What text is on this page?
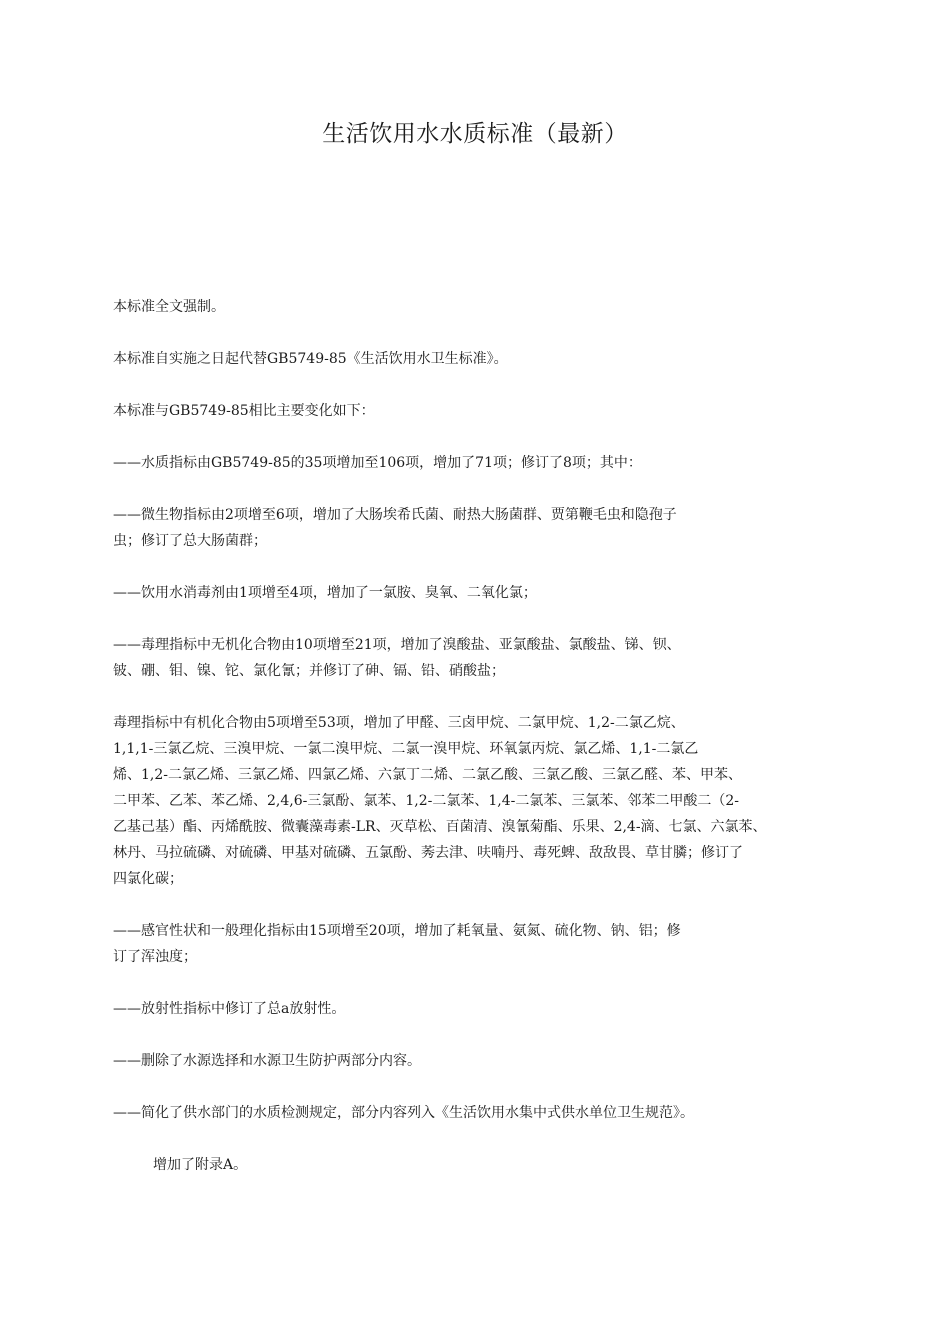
生活饮用水水质标准（最新）

本标准全文强制。

本标准自实施之日起代替GB5749-85《生活饮用水卫生标准》。

本标准与GB5749-85相比主要变化如下：

——水质指标由GB5749-85的35项增加至106项，增加了71项；修订了8项；其中：

——微生物指标由2项增至6项，增加了大肠埃希氏菌、耐热大肠菌群、贾第鞭毛虫和隐孢子
虫；修订了总大肠菌群；

——饮用水消毒剂由1项增至4项，增加了一氯胺、臭氧、二氧化氯；

——毒理指标中无机化合物由10项增至21项，增加了溴酸盐、亚氯酸盐、氯酸盐、锑、钡、
铍、硼、钼、镍、铊、氯化氰；并修订了砷、镉、铅、硝酸盐；

毒理指标中有机化合物由5项增至53项，增加了甲醛、三卤甲烷、二氯甲烷、1,2-二氯乙烷、
1,1,1-三氯乙烷、三溴甲烷、一氯二溴甲烷、二氯一溴甲烷、环氧氯丙烷、氯乙烯、1,1-二氯乙
烯、1,2-二氯乙烯、三氯乙烯、四氯乙烯、六氯丁二烯、二氯乙酸、三氯乙酸、三氯乙醛、苯、甲苯、
二甲苯、乙苯、苯乙烯、2,4,6-三氯酚、氯苯、1,2-二氯苯、1,4-二氯苯、三氯苯、邻苯二甲酸二（2-
乙基己基）酯、丙烯酰胺、微囊藻毒素-LR、灭草松、百菌清、溴氰菊酯、乐果、2,4-滴、七氯、六氯苯、
林丹、马拉硫磷、对硫磷、甲基对硫磷、五氯酚、莠去津、呋喃丹、毒死蜱、敌敌畏、草甘膦；修订了
四氯化碳；

——感官性状和一般理化指标由15项增至20项，增加了耗氧量、氨氮、硫化物、钠、铝；修
订了浑浊度；

——放射性指标中修订了总a放射性。

——删除了水源选择和水源卫生防护两部分内容。

——简化了供水部门的水质检测规定，部分内容列入《生活饮用水集中式供水单位卫生规范》。

增加了附录A。
